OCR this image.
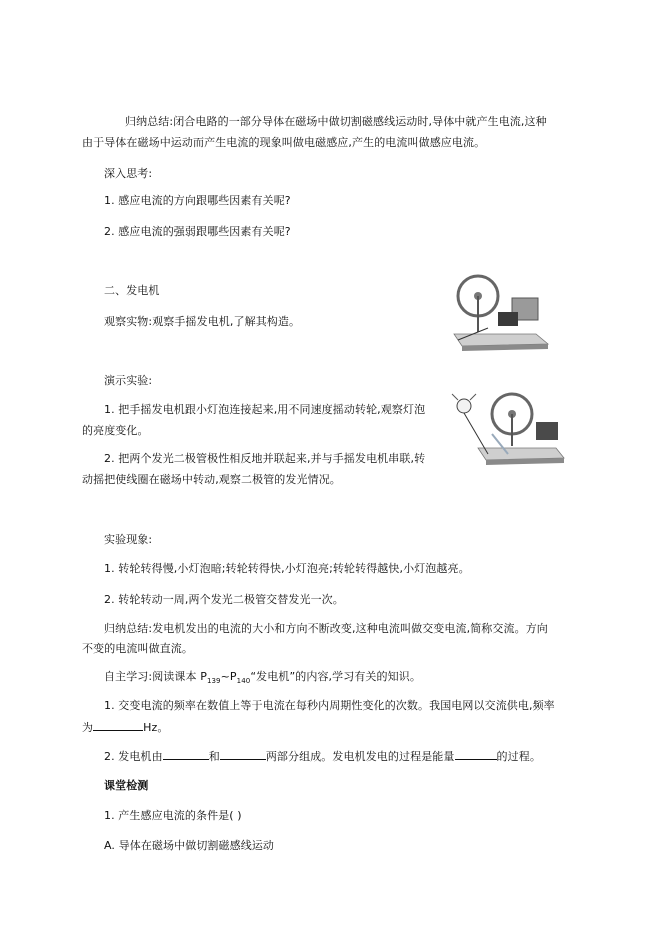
归纳总结:闭合电路的一部分导体在磁场中做切割磁感线运动时,导体中就产生电流,这种
由于导体在磁场中运动而产生电流的现象叫做电磁感应,产生的电流叫做感应电流。
深入思考:
1. 感应电流的方向跟哪些因素有关呢?
2. 感应电流的强弱跟哪些因素有关呢?
二、发电机
观察实物:观察手摇发电机,了解其构造。
演示实验:
1. 把手摇发电机跟小灯泡连接起来,用不同速度摇动转轮,观察灯泡
的亮度变化。
2. 把两个发光二极管极性相反地并联起来,并与手摇发电机串联,转
动摇把使线圈在磁场中转动,观察二极管的发光情况。
实验现象:
1. 转轮转得慢,小灯泡暗;转轮转得快,小灯泡亮;转轮转得越快,小灯泡越亮。
2. 转轮转动一周,两个发光二极管交替发光一次。
归纳总结:发电机发出的电流的大小和方向不断改变,这种电流叫做交变电流,简称交流。方向
不变的电流叫做直流。
自主学习:阅读课本 $P_{139}\sim P_{140}“$发电机”的内容,学习有关的知识。
1. 交变电流的频率在数值上等于电流在每秒内周期性变化的次数。我国电网以交流供电,频率
为	Hz。
2. 发电机由	和	两部分组成。发电机发电的过程是能量	的过程。
课堂检测
1. 产生感应电流的条件是( )
A. 导体在磁场中做切割磁感线运动
